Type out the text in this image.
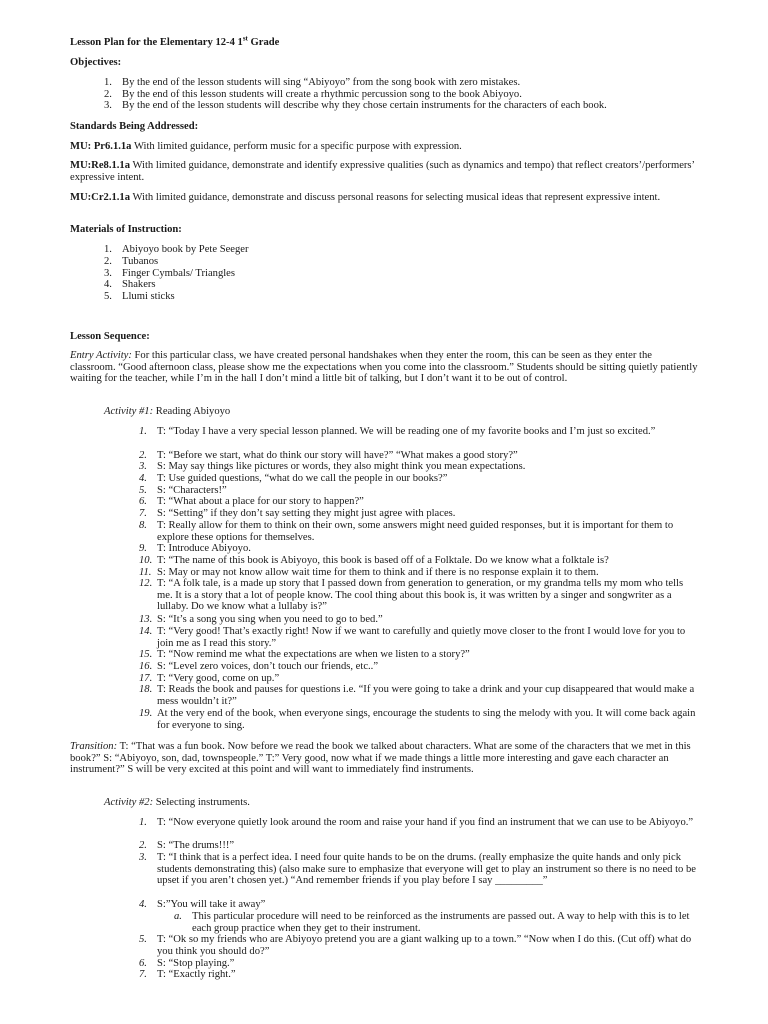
Lesson Plan for the Elementary 12-4 1st Grade
Objectives:
1. By the end of the lesson students will sing “Abiyoyo” from the song book with zero mistakes.
2. By the end of this lesson students will create a rhythmic percussion song to the book Abiyoyo.
3. By the end of the lesson students will describe why they chose certain instruments for the characters of each book.
Standards Being Addressed:
MU: Pr6.1.1a With limited guidance, perform music for a specific purpose with expression.
MU:Re8.1.1a With limited guidance, demonstrate and identify expressive qualities (such as dynamics and tempo) that reflect creators’/performers’ expressive intent.
MU:Cr2.1.1a With limited guidance, demonstrate and discuss personal reasons for selecting musical ideas that represent expressive intent.
Materials of Instruction:
1. Abiyoyo book by Pete Seeger
2. Tubanos
3. Finger Cymbals/ Triangles
4. Shakers
5. Llumi sticks
Lesson Sequence:
Entry Activity: For this particular class, we have created personal handshakes when they enter the room, this can be seen as they enter the classroom. “Good afternoon class, please show me the expectations when you come into the classroom.” Students should be sitting quietly patiently waiting for the teacher, while I’m in the hall I don’t mind a little bit of talking, but I don’t want it to be out of control.
Activity #1: Reading Abiyoyo
1. T: “Today I have a very special lesson planned. We will be reading one of my favorite books and I’m just so excited.”
2. T: “Before we start, what do think our story will have?” “What makes a good story?”
3. S: May say things like pictures or words, they also might think you mean expectations.
4. T: Use guided questions, “what do we call the people in our books?”
5. S: “Characters!”
6. T: “What about a place for our story to happen?”
7. S: “Setting” if they don’t say setting they might just agree with places.
8. T: Really allow for them to think on their own, some answers might need guided responses, but it is important for them to explore these options for themselves.
9. T: Introduce Abiyoyo.
10. T: “The name of this book is Abiyoyo, this book is based off of a Folktale. Do we know what a folktale is?
11. S: May or may not know allow wait time for them to think and if there is no response explain it to them.
12. T: “A folk tale, is a made up story that I passed down from generation to generation, or my grandma tells my mom who tells me. It is a story that a lot of people know. The cool thing about this book is, it was written by a singer and songwriter as a lullaby. Do we know what a lullaby is?”
13. S: “It’s a song you sing when you need to go to bed.”
14. T: “Very good! That’s exactly right! Now if we want to carefully and quietly move closer to the front I would love for you to join me as I read this story.”
15. T: “Now remind me what the expectations are when we listen to a story?”
16. S: “Level zero voices, don’t touch our friends, etc..”
17. T: “Very good, come on up.”
18. T: Reads the book and pauses for questions i.e. “If you were going to take a drink and your cup disappeared that would make a mess wouldn’t it?”
19. At the very end of the book, when everyone sings, encourage the students to sing the melody with you. It will come back again for everyone to sing.
Transition: T: “That was a fun book. Now before we read the book we talked about characters. What are some of the characters that we met in this book?” S: “Abiyoyo, son, dad, townspeople.” T:” Very good, now what if we made things a little more interesting and gave each character an instrument?” S will be very excited at this point and will want to immediately find instruments.
Activity #2: Selecting instruments.
1. T: “Now everyone quietly look around the room and raise your hand if you find an instrument that we can use to be Abiyoyo.”
2. S: “The drums!!!”
3. T: “I think that is a perfect idea. I need four quite hands to be on the drums. (really emphasize the quite hands and only pick students demonstrating this) (also make sure to emphasize that everyone will get to play an instrument so there is no need to be upset if you aren’t chosen yet.) “And remember friends if you play before I say _________”
4. S:”You will take it away”
a. This particular procedure will need to be reinforced as the instruments are passed out. A way to help with this is to let each group practice when they get to their instrument.
5. T: “Ok so my friends who are Abiyoyo pretend you are a giant walking up to a town.” “Now when I do this. (Cut off) what do you think you should do?”
6. S: “Stop playing.”
7. T: “Exactly right.”
